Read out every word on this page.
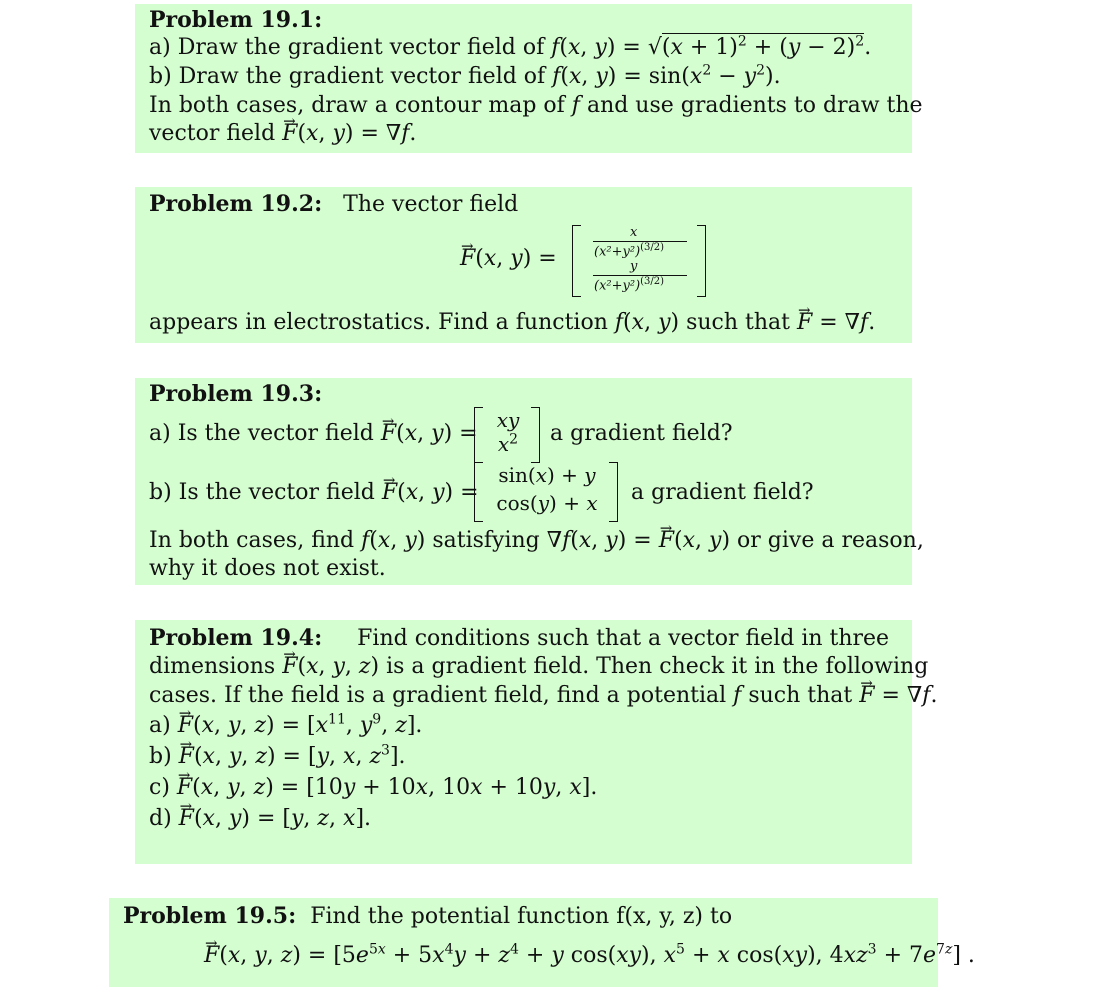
Problem 19.1:
a) Draw the gradient vector field of f(x, $y) = √(x + 1)^2 + (y - 2)^2$.
b) Draw the gradient vector field of f(x, $y) = \sin(x^2 - y^2)$.
In both cases, draw a contour map of f and use gradients to draw the
vector field → F(x, y) = ∇f.
Problem 19.2: The vector field
→ F(x, y) =
x
$(x^2+y^2)^{(3/2)}$
y
$(x^2+y^2)^{(3/2)}$
appears in electrostatics. Find a function f(x, y) such that → F = ∇f.
Problem 19.3:
a) Is the vector field → F(x, y) =
xy
$x^2$	a gradient field?
b) Is the vector field → F(x, y) =
sin(x) + y
cos(y) + x	a gradient field?
In both cases, find f(x, y) satisfying ∇f(x, y) = → F(x, y) or give a reason,
why it does not exist.
Problem 19.4: Find conditions such that a vector field in three
dimensions → F(x, y, z) is a gradient field. Then check it in the following
cases. If the field is a gradient field, find a potential f such that → F = ∇f.
a) → F(x, y, $z) = [x^{11}$, $y^9$, z].
b) → F(x, y, z) = [y, x, $z^3$].
c) → F(x, y, z) = [10y + 10x, 10x + 10y, x].
d) → F(x, y) = [y, z, x].
Problem 19.5: Find the potential function f(x, y, z) to
→ F(x, y, $z) = [5e^{5x} + 5x^4y + z^4 + y$ cos(xy), $x^5 + x$ cos(xy), $4xz^3 + 7e^{7z}$] .
